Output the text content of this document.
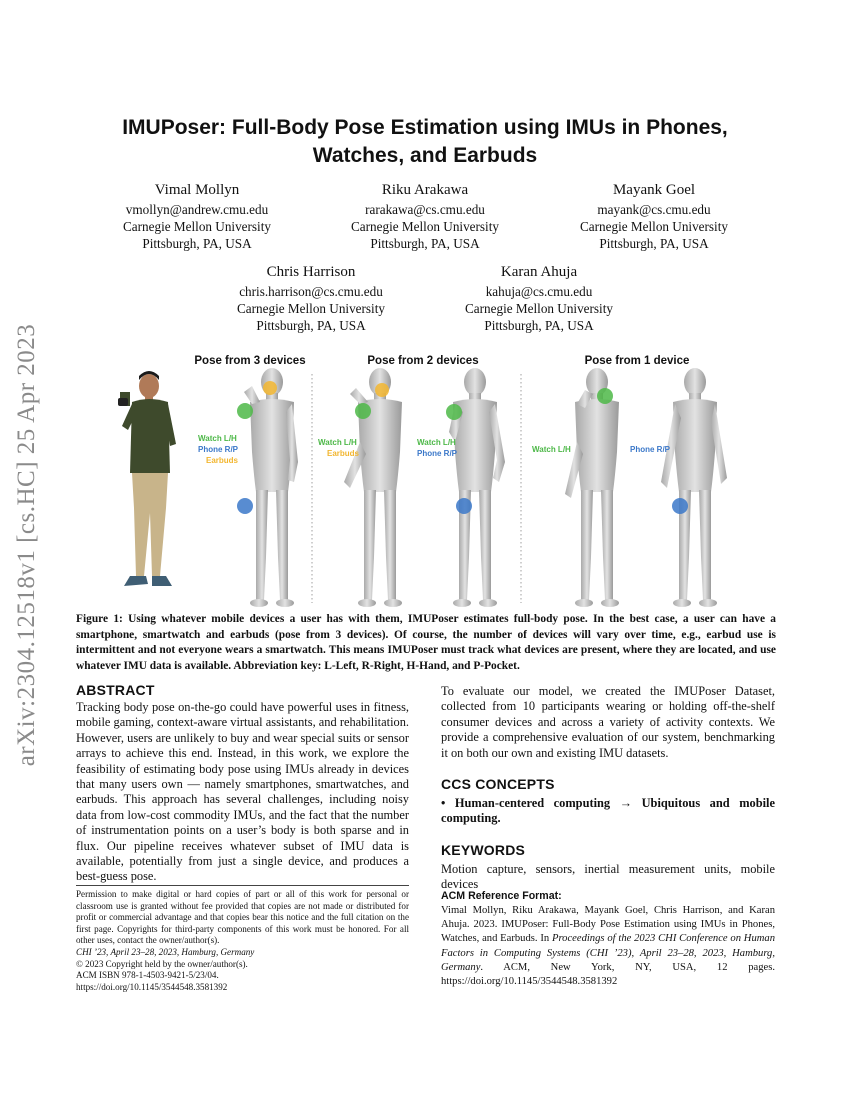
arXiv:2304.12518v1 [cs.HC] 25 Apr 2023
IMUPoser: Full-Body Pose Estimation using IMUs in Phones,
Watches, and Earbuds
Vimal Mollyn
vmollyn@andrew.cmu.edu
Carnegie Mellon University
Pittsburgh, PA, USA
Riku Arakawa
rarakawa@cs.cmu.edu
Carnegie Mellon University
Pittsburgh, PA, USA
Mayank Goel
mayank@cs.cmu.edu
Carnegie Mellon University
Pittsburgh, PA, USA
Chris Harrison
chris.harrison@cs.cmu.edu
Carnegie Mellon University
Pittsburgh, PA, USA
Karan Ahuja
kahuja@cs.cmu.edu
Carnegie Mellon University
Pittsburgh, PA, USA
Pose from 3 devices	Pose from 2 devices	Pose from 1 device
Watch L/H
Phone R/P
Earbuds
Watch L/H
Earbuds
Watch L/H
Phone R/P	Watch L/H	Phone R/P
Figure 1: Using whatever mobile devices a user has with them, IMUPoser estimates full-body pose. In the best case, a user can have a smartphone, smartwatch and earbuds (pose from 3 devices). Of course, the number of devices will vary over time, e.g., earbud use is intermittent and not everyone wears a smartwatch. This means IMUPoser must track what devices are present, where they are located, and use whatever IMU data is available. Abbreviation key: L-Left, R-Right, H-Hand, and P-Pocket.
ABSTRACT
Tracking body pose on-the-go could have powerful uses in fitness, mobile gaming, context-aware virtual assistants, and rehabilitation. However, users are unlikely to buy and wear special suits or sensor arrays to achieve this end. Instead, in this work, we explore the feasibility of estimating body pose using IMUs already in devices that many users own — namely smartphones, smartwatches, and earbuds. This approach has several challenges, including noisy data from low-cost commodity IMUs, and the fact that the number of instrumentation points on a user’s body is both sparse and in flux. Our pipeline receives whatever subset of IMU data is available, potentially from just a single device, and produces a best-guess pose.
Permission to make digital or hard copies of part or all of this work for personal or classroom use is granted without fee provided that copies are not made or distributed for profit or commercial advantage and that copies bear this notice and the full citation on the first page. Copyrights for third-party components of this work must be honored. For all other uses, contact the owner/author(s).
CHI ’23, April 23–28, 2023, Hamburg, Germany
© 2023 Copyright held by the owner/author(s).
ACM ISBN 978-1-4503-9421-5/23/04.
https://doi.org/10.1145/3544548.3581392
To evaluate our model, we created the IMUPoser Dataset, collected from 10 participants wearing or holding off-the-shelf consumer devices and across a variety of activity contexts. We provide a comprehensive evaluation of our system, benchmarking it on both our own and existing IMU datasets.
CCS CONCEPTS
• Human-centered computing → Ubiquitous and mobile computing.
KEYWORDS
Motion capture, sensors, inertial measurement units, mobile devices
ACM Reference Format:
Vimal Mollyn, Riku Arakawa, Mayank Goel, Chris Harrison, and Karan Ahuja. 2023. IMUPoser: Full-Body Pose Estimation using IMUs in Phones, Watches, and Earbuds. In Proceedings of the 2023 CHI Conference on Human Factors in Computing Systems (CHI ’23), April 23–28, 2023, Hamburg, Germany. ACM, New York, NY, USA, 12 pages. https://doi.org/10.1145/3544548.3581392
